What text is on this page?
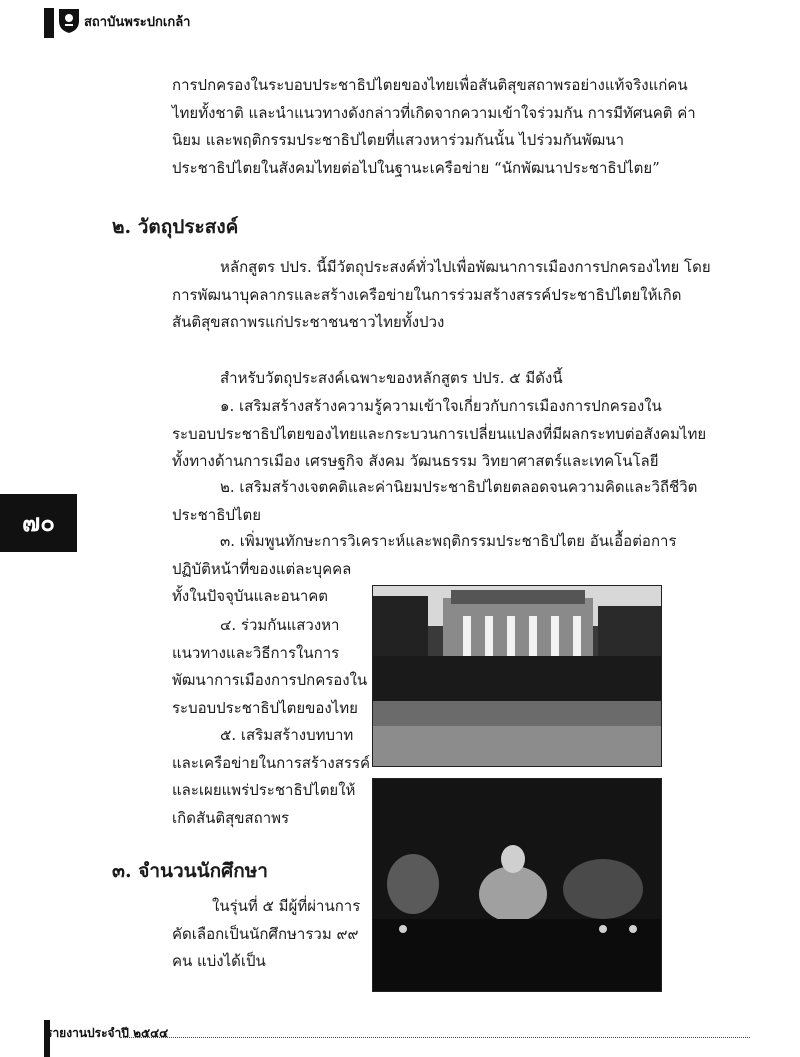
สถาบันพระปกเกล้า
การปกครองในระบอบประชาธิปไตยของไทยเพื่อสันติสุขสถาพรอย่างแท้จริงแก่คน
ไทยทั้งชาติ และนำแนวทางดังกล่าวที่เกิดจากความเข้าใจร่วมกัน การมีทัศนคติ ค่า
นิยม และพฤติกรรมประชาธิปไตยที่แสวงหาร่วมกันนั้น ไปร่วมกันพัฒนา
ประชาธิปไตยในสังคมไทยต่อไปในฐานะเครือข่าย “นักพัฒนาประชาธิปไตย”
๒. วัตถุประสงค์
หลักสูตร ปปร. นี้มีวัตถุประสงค์ทั่วไปเพื่อพัฒนาการเมืองการปกครองไทย โดย
การพัฒนาบุคลากรและสร้างเครือข่ายในการร่วมสร้างสรรค์ประชาธิปไตยให้เกิด
สันติสุขสถาพรแก่ประชาชนชาวไทยทั้งปวง
สำหรับวัตถุประสงค์เฉพาะของหลักสูตร ปปร. ๕ มีดังนี้
๑. เสริมสร้างสร้างความรู้ความเข้าใจเกี่ยวกับการเมืองการปกครองใน
ระบอบประชาธิปไตยของไทยและกระบวนการเปลี่ยนแปลงที่มีผลกระทบต่อสังคมไทย
ทั้งทางด้านการเมือง เศรษฐกิจ สังคม วัฒนธรรม วิทยาศาสตร์และเทคโนโลยี
๒. เสริมสร้างเจตคติและค่านิยมประชาธิปไตยตลอดจนความคิดและวิถีชีวิต
ประชาธิปไตย
๓. เพิ่มพูนทักษะการวิเคราะห์และพฤติกรรมประชาธิปไตย อันเอื้อต่อการ
ปฏิบัติหน้าที่ของแต่ละบุคคล
ทั้งในปัจจุบันและอนาคต
๔. ร่วมกันแสวงหา
แนวทางและวิธีการในการ
พัฒนาการเมืองการปกครองใน
ระบอบประชาธิปไตยของไทย
๕. เสริมสร้างบทบาท
และเครือข่ายในการสร้างสรรค์
และเผยแพร่ประชาธิปไตยให้
เกิดสันติสุขสถาพร
๓. จำนวนนักศึกษา
ในรุ่นที่ ๕ มีผู้ที่ผ่านการ
คัดเลือกเป็นนักศึกษารวม ๙๙
คน แบ่งได้เป็น
๗๐
รายงานประจำปี ๒๕๔๔
